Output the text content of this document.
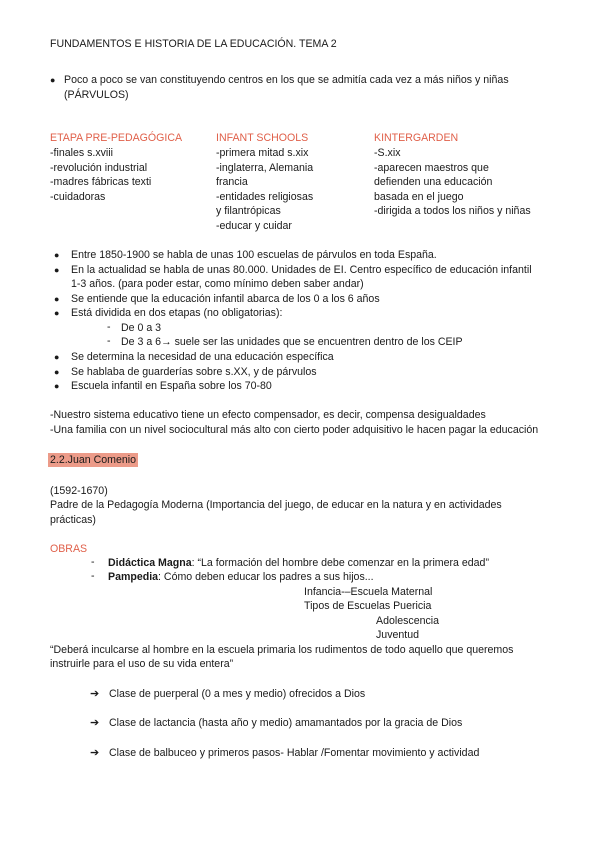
FUNDAMENTOS E HISTORIA DE LA EDUCACIÓN. TEMA 2
● Poco a poco se van constituyendo centros en los que se admitía cada vez a más niños y niñas
(PÁRVULOS)
ETAPA PRE-PEDAGÓGICA
-finales s.xviii
-revolución industrial
-madres fábricas texti
-cuidadoras
INFANT SCHOOLS
-primera mitad s.xix
-inglaterra, Alemania
francia
-entidades religiosas
y filantrópicas
-educar y cuidar
KINTERGARDEN
-S.xix
-aparecen maestros que
defienden una educación
basada en el juego
-dirigida a todos los niños y niñas
● Entre 1850-1900 se habla de unas 100 escuelas de párvulos en toda España.
● En la actualidad se habla de unas 80.000. Unidades de EI. Centro específico de educación infantil
1-3 años. (para poder estar, como mínimo deben saber andar)
● Se entiende que la educación infantil abarca de los 0 a los 6 años
● Está dividida en dos etapas (no obligatorias):
- De 0 a 3
- De 3 a 6→ suele ser las unidades que se encuentren dentro de los CEIP
● Se determina la necesidad de una educación específica
● Se hablaba de guarderías sobre s.XX, y de párvulos
● Escuela infantil en España sobre los 70-80
-Nuestro sistema educativo tiene un efecto compensador, es decir, compensa desigualdades
-Una familia con un nivel sociocultural más alto con cierto poder adquisitivo le hacen pagar la educación
2.2.Juan Comenio
(1592-1670)
Padre de la Pedagogía Moderna (Importancia del juego, de educar en la natura y en actividades
prácticas)
OBRAS
- Didáctica Magna: “La formación del hombre debe comenzar en la primera edad”
- Pampedia: Cómo deben educar los padres a sus hijos...
Infancia-–Escuela Maternal
Tipos de Escuelas Puericia
Adolescencia
Juventud
“Deberá inculcarse al hombre en la escuela primaria los rudimentos de todo aquello que queremos
instruirle para el uso de su vida entera”
➔ Clase de puerperal (0 a mes y medio) ofrecidos a Dios
➔ Clase de lactancia (hasta año y medio) amamantados por la gracia de Dios
➔ Clase de balbuceo y primeros pasos- Hablar /Fomentar movimiento y actividad
